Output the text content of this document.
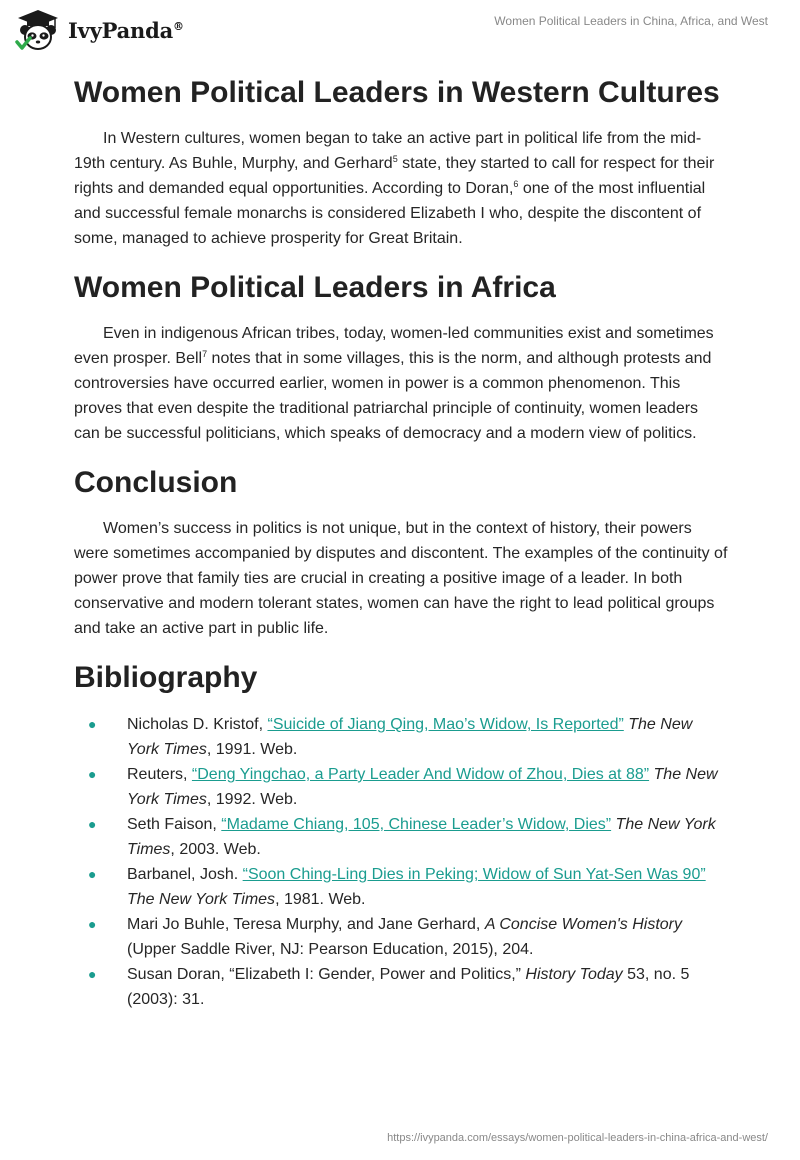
IvyPanda®	Women Political Leaders in China, Africa, and West
Women Political Leaders in Western Cultures

In Western cultures, women began to take an active part in political life from the mid-19th century. As Buhle, Murphy, and Gerhard$^5$ state, they started to call for respect for their rights and demanded equal opportunities. According to Doran,$^6$ one of the most influential and successful female monarchs is considered Elizabeth I who, despite the discontent of some, managed to achieve prosperity for Great Britain.

Women Political Leaders in Africa

Even in indigenous African tribes, today, women-led communities exist and sometimes even prosper. Bell$^7$ notes that in some villages, this is the norm, and although protests and controversies have occurred earlier, women in power is a common phenomenon. This proves that even despite the traditional patriarchal principle of continuity, women leaders can be successful politicians, which speaks of democracy and a modern view of politics.

Conclusion

Women’s success in politics is not unique, but in the context of history, their powers were sometimes accompanied by disputes and discontent. The examples of the continuity of power prove that family ties are crucial in creating a positive image of a leader. In both conservative and modern tolerant states, women can have the right to lead political groups and take an active part in public life.

Bibliography
● Nicholas D. Kristof, “Suicide of Jiang Qing, Mao’s Widow, Is Reported” The New York Times, 1991. Web.
● Reuters, “Deng Yingchao, a Party Leader And Widow of Zhou, Dies at 88” The New York Times, 1992. Web.
● Seth Faison, “Madame Chiang, 105, Chinese Leader’s Widow, Dies” The New York Times, 2003. Web.
● Barbanel, Josh. “Soon Ching-Ling Dies in Peking; Widow of Sun Yat-Sen Was 90” The New York Times, 1981. Web.
● Mari Jo Buhle, Teresa Murphy, and Jane Gerhard, A Concise Women's History (Upper Saddle River, NJ: Pearson Education, 2015), 204.
● Susan Doran, “Elizabeth I: Gender, Power and Politics,” History Today 53, no. 5 (2003): 31.
https://ivypanda.com/essays/women-political-leaders-in-china-africa-and-west/
